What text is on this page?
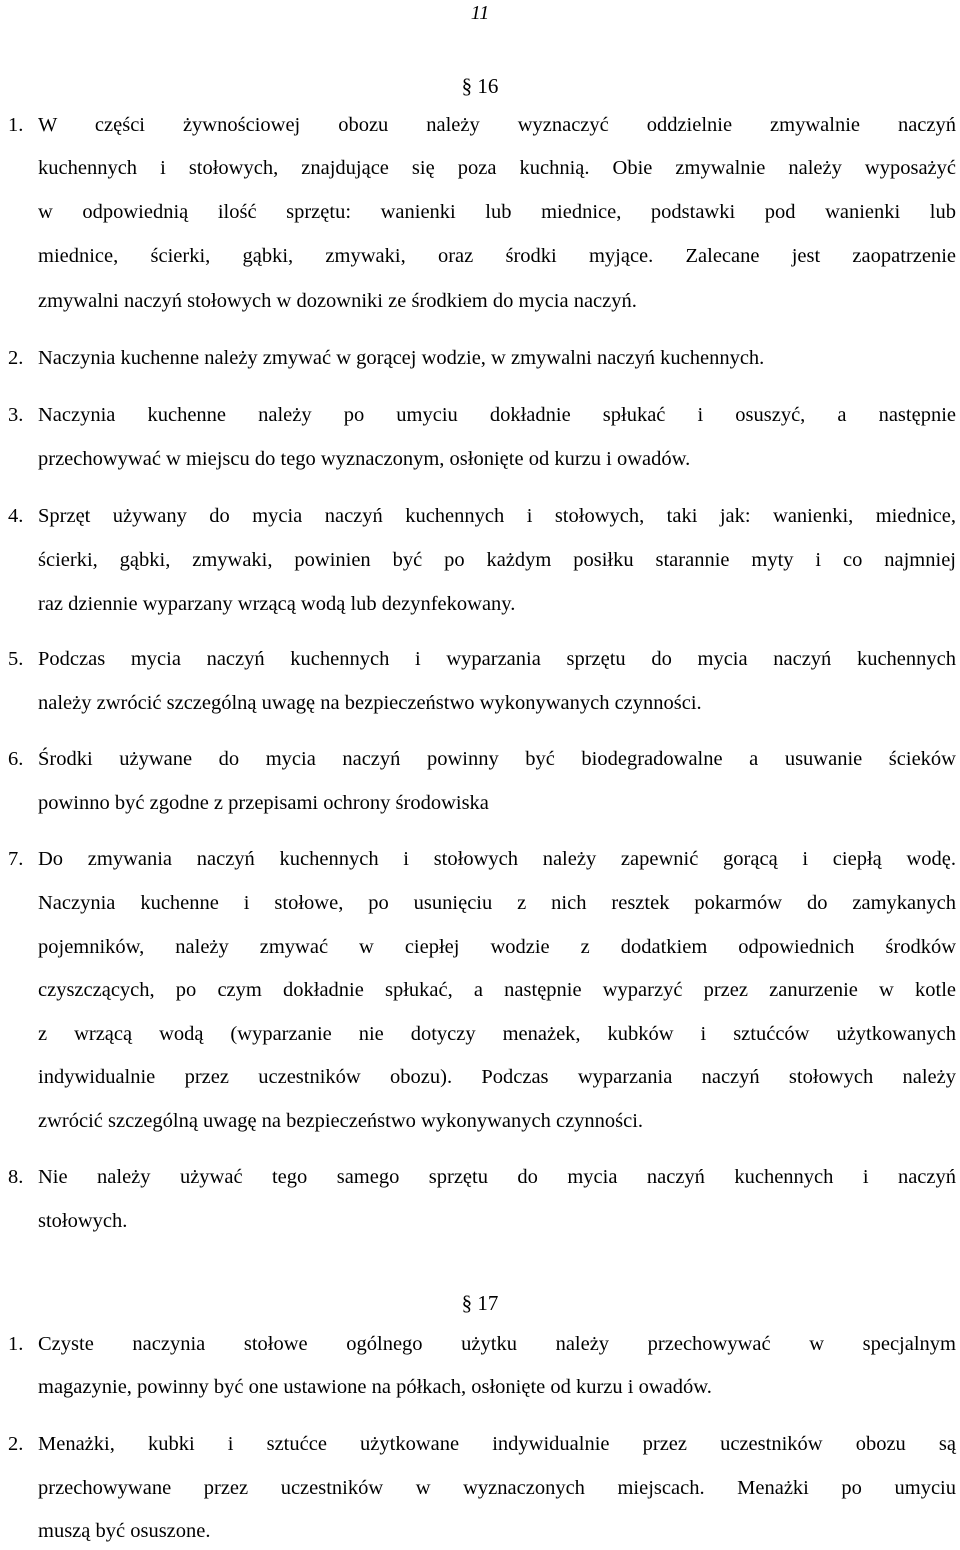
11
§ 16
1. W części żywnościowej obozu należy wyznaczyć oddzielnie zmywalnie naczyń
kuchennych i stołowych, znajdujące się poza kuchnią. Obie zmywalnie należy wyposażyć
w odpowiednią ilość sprzętu: wanienki lub miednice, podstawki pod wanienki lub
miednice, ścierki, gąbki, zmywaki, oraz środki myjące. Zalecane jest zaopatrzenie
zmywalni naczyń stołowych w dozowniki ze środkiem do mycia naczyń.
2. Naczynia kuchenne należy zmywać w gorącej wodzie, w zmywalni naczyń kuchennych.
3. Naczynia kuchenne należy po umyciu dokładnie spłukać i osuszyć, a następnie
przechowywać w miejscu do tego wyznaczonym, osłonięte od kurzu i owadów.
4. Sprzęt używany do mycia naczyń kuchennych i stołowych, taki jak: wanienki, miednice,
ścierki, gąbki, zmywaki, powinien być po każdym posiłku starannie myty i co najmniej
raz dziennie wyparzany wrzącą wodą lub dezynfekowany.
5. Podczas mycia naczyń kuchennych i wyparzania sprzętu do mycia naczyń kuchennych
należy zwrócić szczególną uwagę na bezpieczeństwo wykonywanych czynności.
6. Środki używane do mycia naczyń powinny być biodegradowalne a usuwanie ścieków
powinno być zgodne z przepisami ochrony środowiska
7. Do zmywania naczyń kuchennych i stołowych należy zapewnić gorącą i ciepłą wodę.
Naczynia kuchenne i stołowe, po usunięciu z nich resztek pokarmów do zamykanych
pojemników, należy zmywać w ciepłej wodzie z dodatkiem odpowiednich środków
czyszczących, po czym dokładnie spłukać, a następnie wyparzyć przez zanurzenie w kotle
z wrzącą wodą (wyparzanie nie dotyczy menażek, kubków i sztućców użytkowanych
indywidualnie przez uczestników obozu). Podczas wyparzania naczyń stołowych należy
zwrócić szczególną uwagę na bezpieczeństwo wykonywanych czynności.
8. Nie należy używać tego samego sprzętu do mycia naczyń kuchennych i naczyń
stołowych.
§ 17
1. Czyste naczynia stołowe ogólnego użytku należy przechowywać w specjalnym
magazynie, powinny być one ustawione na półkach, osłonięte od kurzu i owadów.
2. Menażki, kubki i sztućce użytkowane indywidualnie przez uczestników obozu są
przechowywane przez uczestników w wyznaczonych miejscach. Menażki po umyciu
muszą być osuszone.
